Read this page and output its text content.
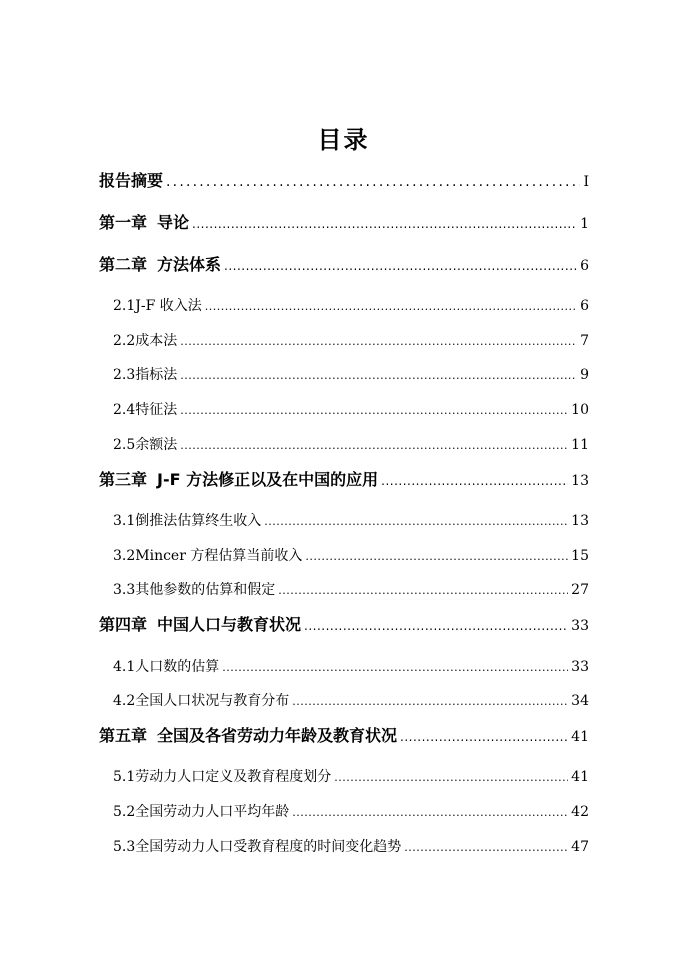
目录
报告摘要 .....	I
第一章 导论 .....	1
第二章 方法体系 .....	6
2.1 J-F 收入法 .....	6
2.2 成本法 .....	7
2.3 指标法 .....	9
2.4 特征法 .....	10
2.5 余额法 .....	11
第三章 J-F 方法修正以及在中国的应用 .....	13
3.1 倒推法估算终生收入 .....	13
3.2 Mincer 方程估算当前收入 .....	15
3.3 其他参数的估算和假定 .....	27
第四章 中国人口与教育状况 .....	33
4.1 人口数的估算 .....	33
4.2 全国人口状况与教育分布 .....	34
第五章 全国及各省劳动力年龄及教育状况 .....	41
5.1 劳动力人口定义及教育程度划分 .....	41
5.2 全国劳动力人口平均年龄 .....	42
5.3 全国劳动力人口受教育程度的时间变化趋势 .....	47
